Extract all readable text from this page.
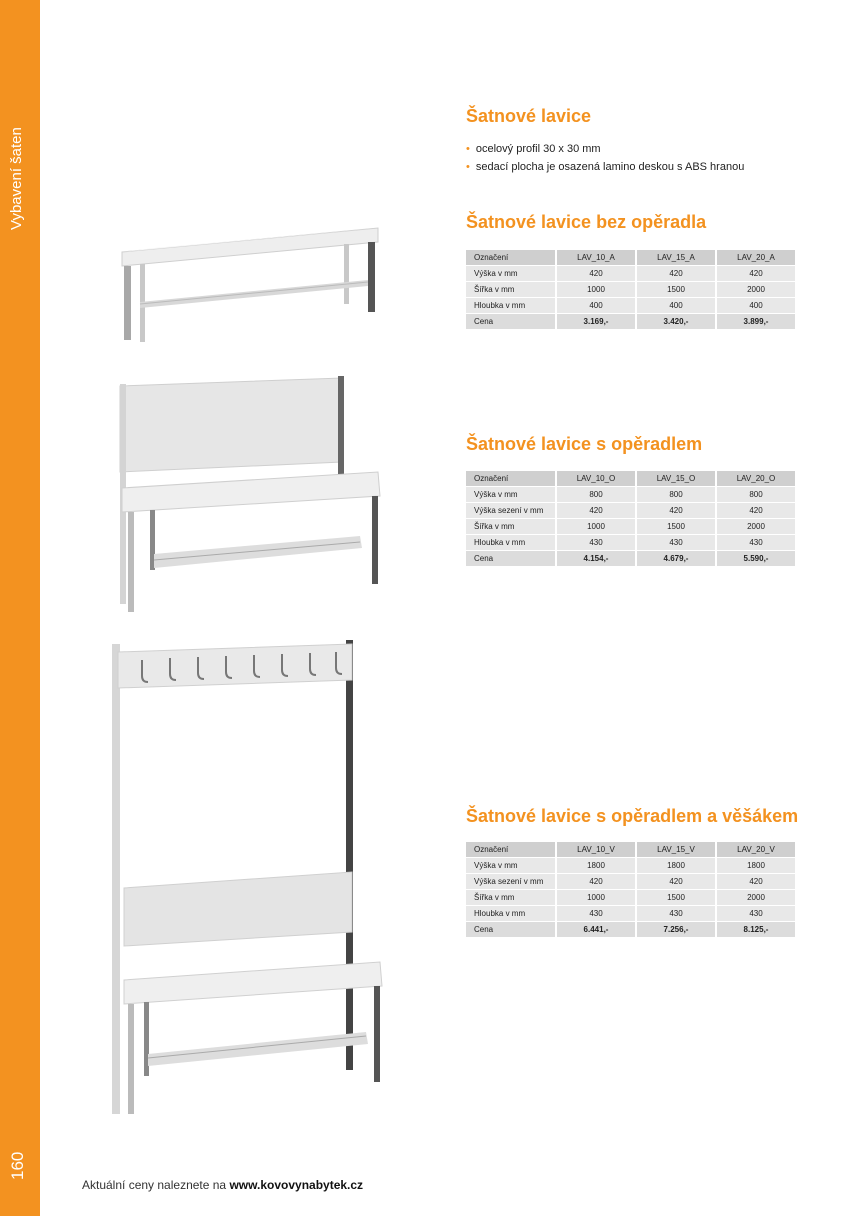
Vybavení šaten
160
Šatnové lavice
• ocelový profil 30 x 30 mm
• sedací plocha je osazená lamino deskou s ABS hranou
Šatnové lavice bez opěradla
Označení	LAV_10_A	LAV_15_A	LAV_20_A
Výška v mm	420	420	420
Šířka v mm	1000	1500	2000
Hloubka v mm	400	400	400
Cena	3.169,-	3.420,-	3.899,-
Šatnové lavice s opěradlem
Označení	LAV_10_O	LAV_15_O	LAV_20_O
Výška v mm	800	800	800
Výška sezení v mm	420	420	420
Šířka v mm	1000	1500	2000
Hloubka v mm	430	430	430
Cena	4.154,-	4.679,-	5.590,-
Šatnové lavice s opěradlem a věšákem
Označení	LAV_10_V	LAV_15_V	LAV_20_V
Výška v mm	1800	1800	1800
Výška sezení v mm	420	420	420
Šířka v mm	1000	1500	2000
Hloubka v mm	430	430	430
Cena	6.441,-	7.256,-	8.125,-
Aktuální ceny naleznete na www.kovovynabytek.cz
